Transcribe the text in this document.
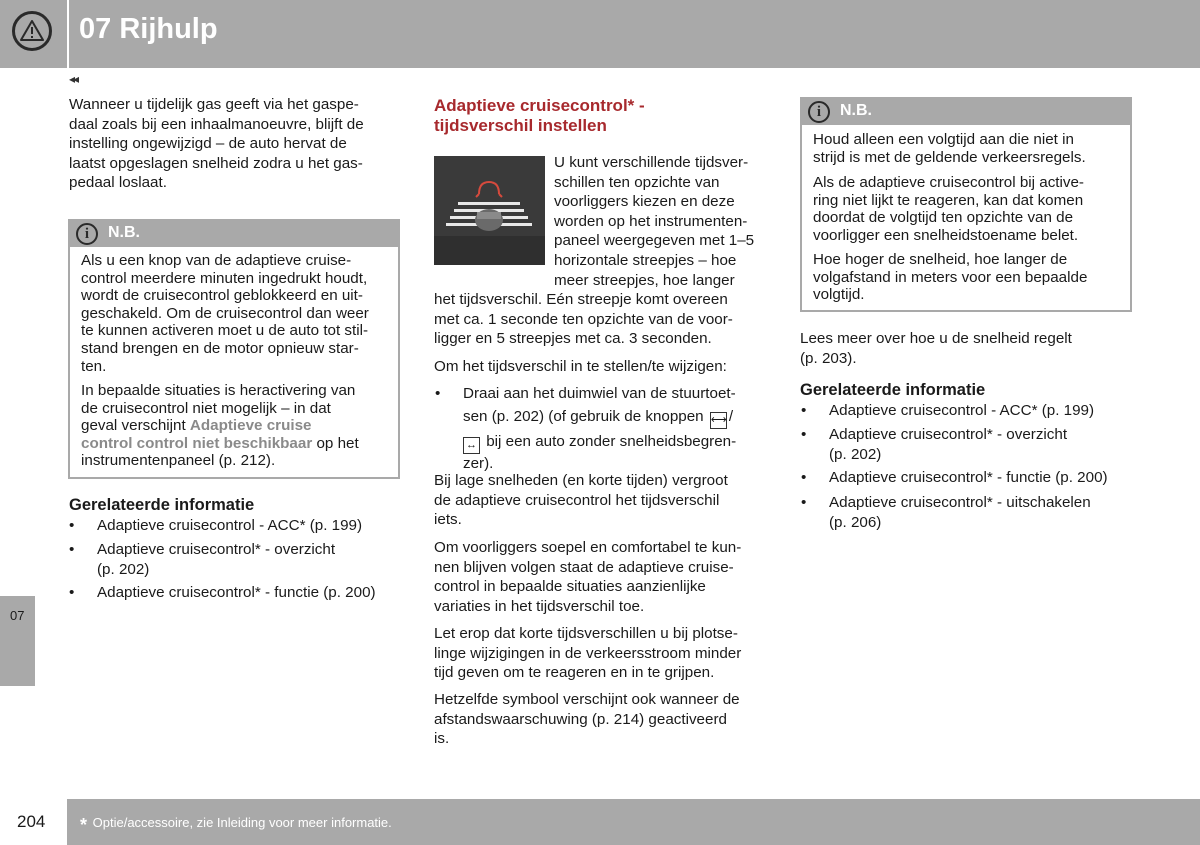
07 Rijhulp
◂◂
07
Wanneer u tijdelijk gas geeft via het gaspe-
daal zoals bij een inhaalmanoeuvre, blijft de
instelling ongewijzigd – de auto hervat de
laatst opgeslagen snelheid zodra u het gas-
pedaal loslaat.
i	N.B.
Als u een knop van de adaptieve cruise-
control meerdere minuten ingedrukt houdt,
wordt de cruisecontrol geblokkeerd en uit-
geschakeld. Om de cruisecontrol dan weer
te kunnen activeren moet u de auto tot stil-
stand brengen en de motor opnieuw star-
ten.
In bepaalde situaties is heractivering van
de cruisecontrol niet mogelijk – in dat
geval verschijnt Adaptieve cruise
control control niet beschikbaar op het
instrumentenpaneel (p. 212).
Gerelateerde informatie
• Adaptieve cruisecontrol - ACC* (p. 199)
• Adaptieve cruisecontrol* - overzicht
(p. 202)
• Adaptieve cruisecontrol* - functie (p. 200)
Adaptieve cruisecontrol* -
tijdsverschil instellen
U kunt verschillende tijdsver-
schillen ten opzichte van
voorliggers kiezen en deze
worden op het instrumenten-
paneel weergegeven met 1–5
horizontale streepjes – hoe
meer streepjes, hoe langer
het tijdsverschil. Eén streepje komt overeen
met ca. 1 seconde ten opzichte van de voor-
ligger en 5 streepjes met ca. 3 seconden.
Om het tijdsverschil in te stellen/te wijzigen:
• Draai aan het duimwiel van de stuurtoet-
sen (p. 202) (of gebruik de knoppen ⟷ /
↔ bij een auto zonder snelheidsbegren-
zer).
Bij lage snelheden (en korte tijden) vergroot
de adaptieve cruisecontrol het tijdsverschil
iets.
Om voorliggers soepel en comfortabel te kun-
nen blijven volgen staat de adaptieve cruise-
control in bepaalde situaties aanzienlijke
variaties in het tijdsverschil toe.
Let erop dat korte tijdsverschillen u bij plotse-
linge wijzigingen in de verkeersstroom minder
tijd geven om te reageren en in te grijpen.
Hetzelfde symbool verschijnt ook wanneer de
afstandswaarschuwing (p. 214) geactiveerd
is.
i	N.B.
Houd alleen een volgtijd aan die niet in
strijd is met de geldende verkeersregels.
Als de adaptieve cruisecontrol bij active-
ring niet lijkt te reageren, kan dat komen
doordat de volgtijd ten opzichte van de
voorligger een snelheidstoename belet.
Hoe hoger de snelheid, hoe langer de
volgafstand in meters voor een bepaalde
volgtijd.
Lees meer over hoe u de snelheid regelt
(p. 203).
Gerelateerde informatie
• Adaptieve cruisecontrol - ACC* (p. 199)
• Adaptieve cruisecontrol* - overzicht
(p. 202)
• Adaptieve cruisecontrol* - functie (p. 200)
• Adaptieve cruisecontrol* - uitschakelen
(p. 206)
204 * Optie/accessoire, zie Inleiding voor meer informatie.
